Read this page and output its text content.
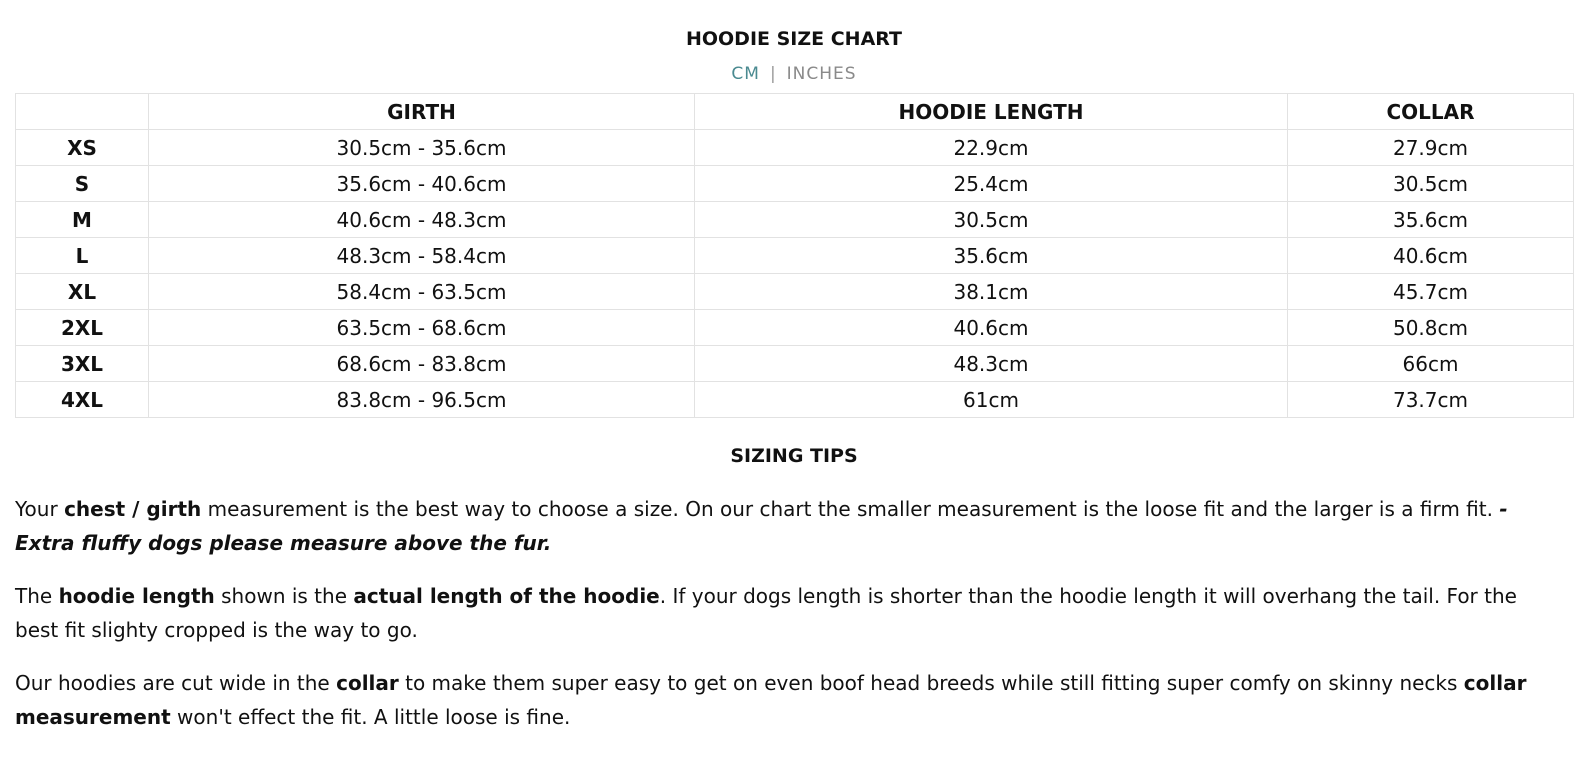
HOODIE SIZE CHART
CM | INCHES
	GIRTH	HOODIE LENGTH	COLLAR
XS	30.5cm - 35.6cm	22.9cm	27.9cm
S	35.6cm - 40.6cm	25.4cm	30.5cm
M	40.6cm - 48.3cm	30.5cm	35.6cm
L	48.3cm - 58.4cm	35.6cm	40.6cm
XL	58.4cm - 63.5cm	38.1cm	45.7cm
2XL	63.5cm - 68.6cm	40.6cm	50.8cm
3XL	68.6cm - 83.8cm	48.3cm	66cm
4XL	83.8cm - 96.5cm	61cm	73.7cm
SIZING TIPS

Your chest / girth measurement is the best way to choose a size. On our chart the smaller measurement is the loose fit and the larger is a firm fit. - Extra fluffy dogs please measure above the fur.

The hoodie length shown is the actual length of the hoodie. If your dogs length is shorter than the hoodie length it will overhang the tail. For the best fit slighty cropped is the way to go.

Our hoodies are cut wide in the collar to make them super easy to get on even boof head breeds while still fitting super comfy on skinny necks collar measurement won't effect the fit. A little loose is fine.
